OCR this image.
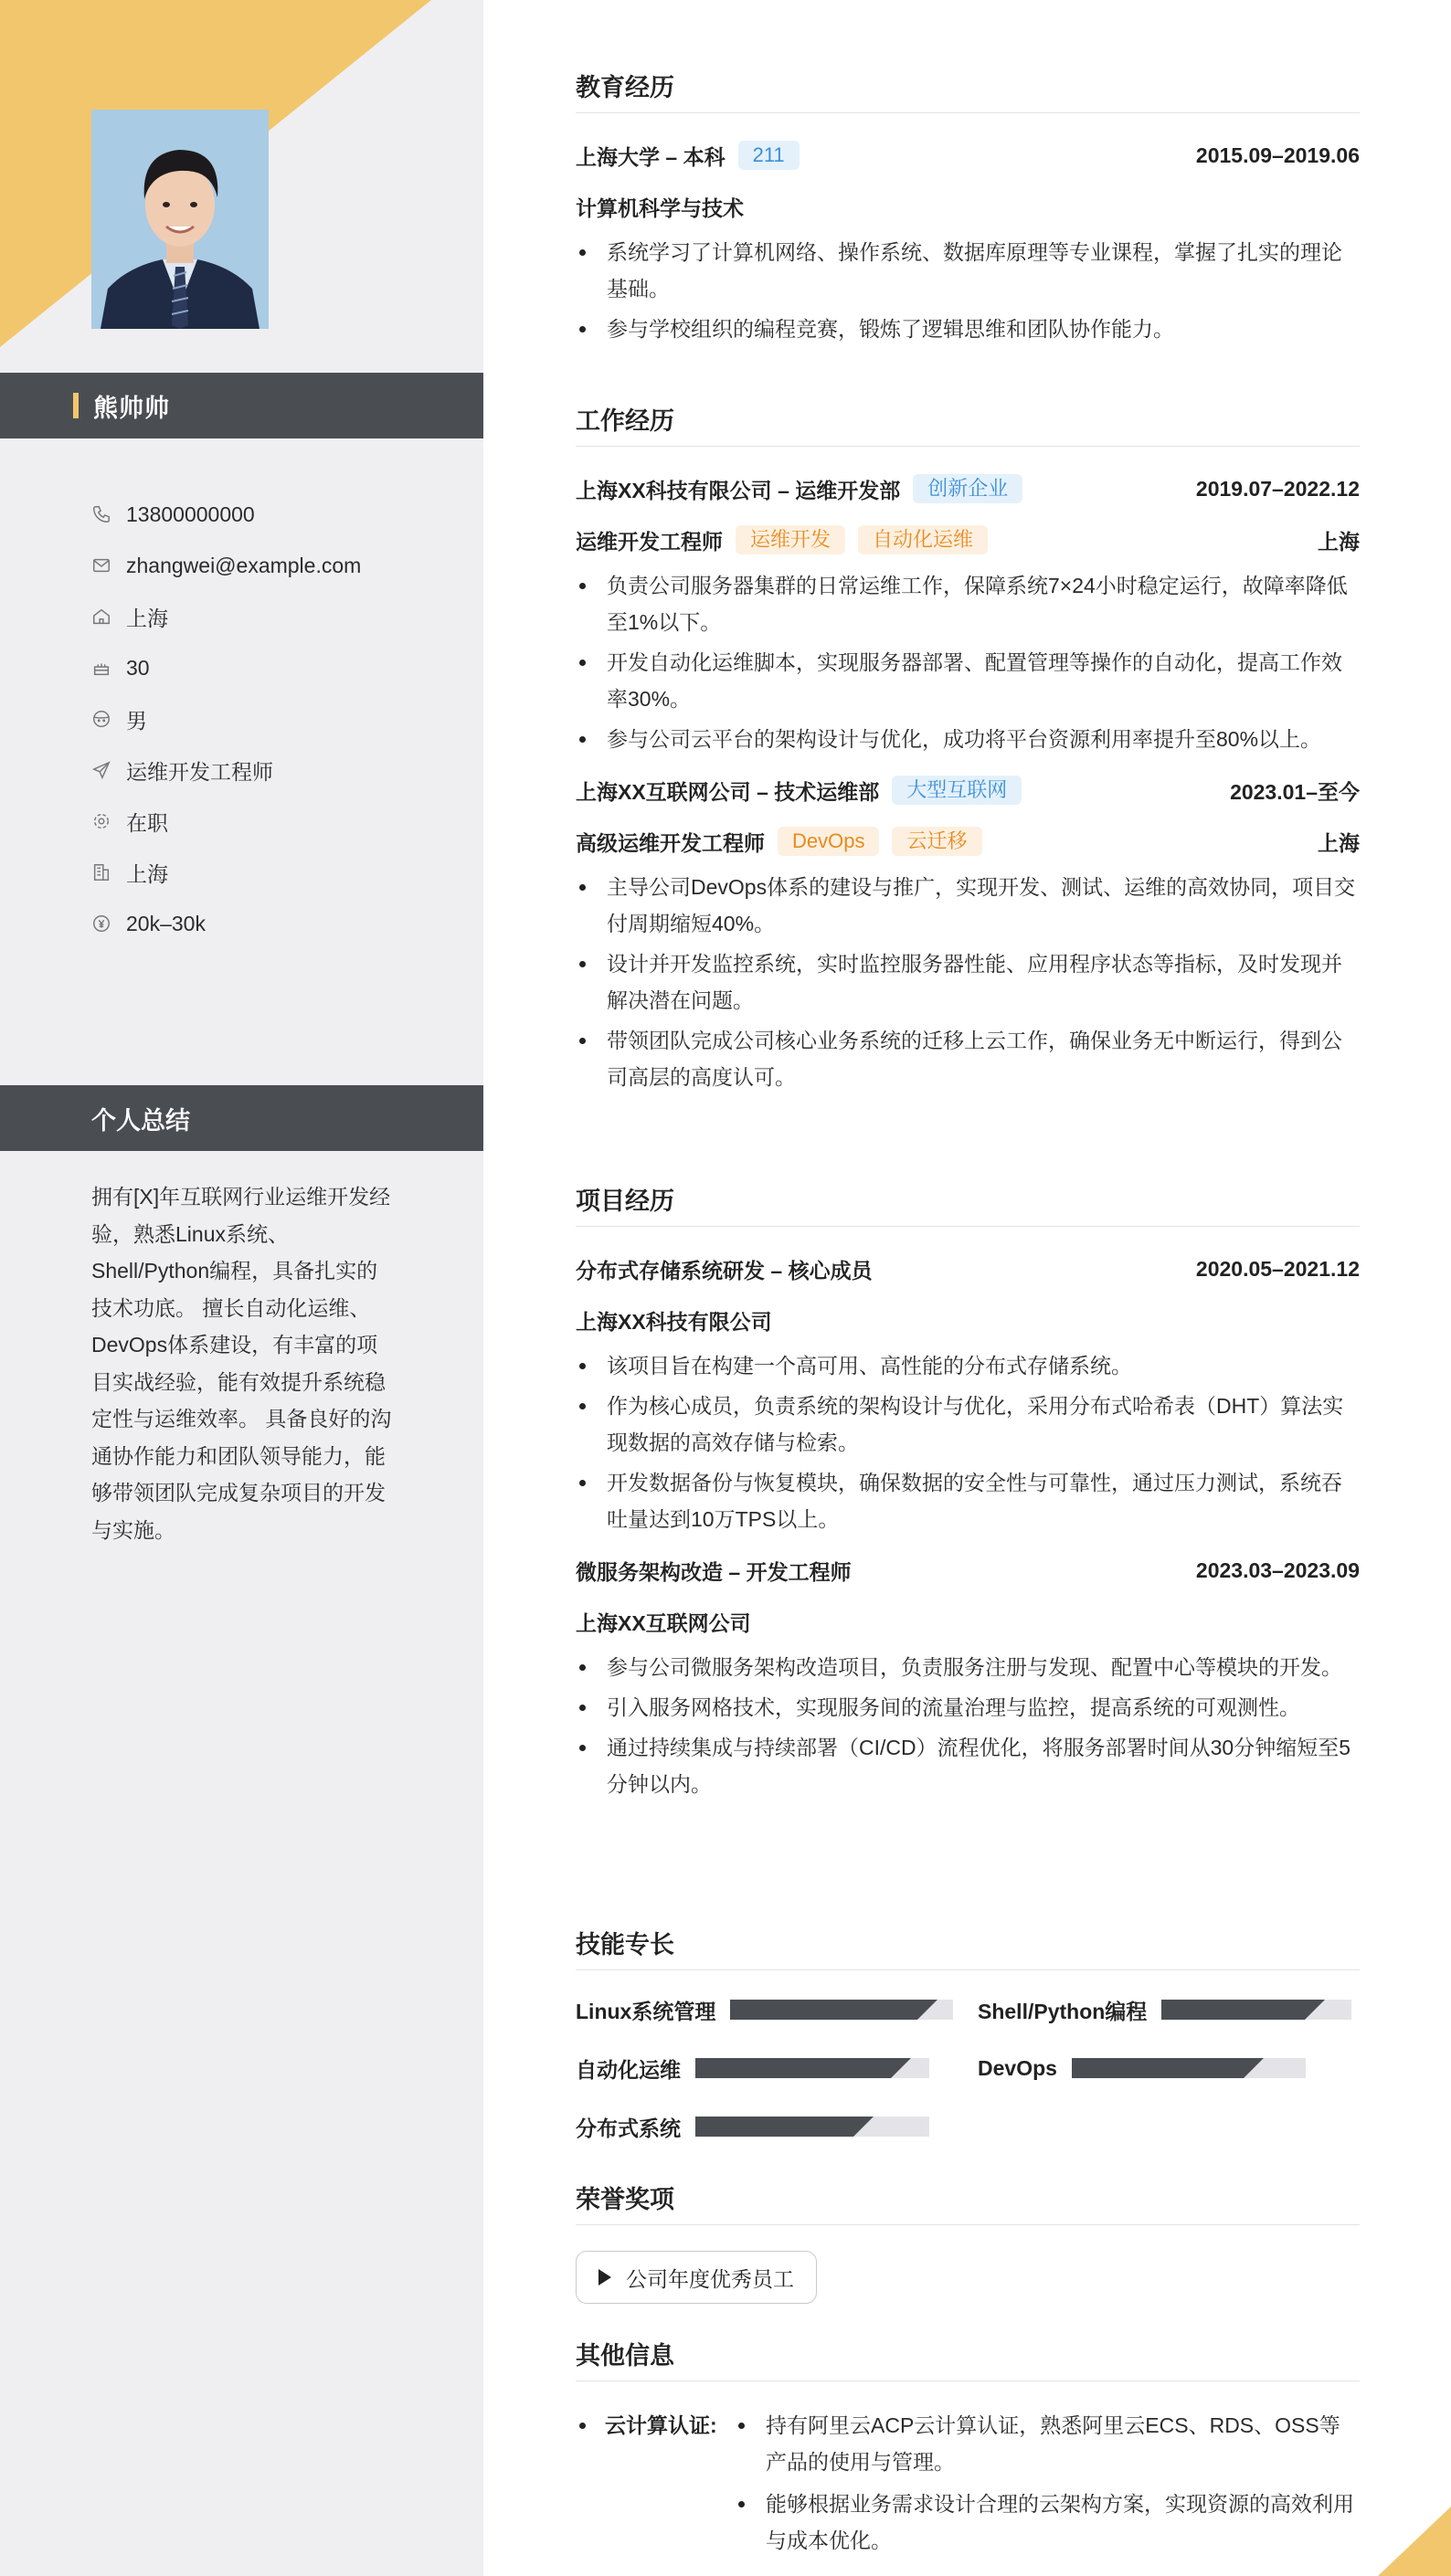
熊帅帅
13800000000
zhangwei@example.com
上海
30
男
运维开发工程师
在职
上海
20k–30k
个人总结

拥有[X]年互联网行业运维开发经验，熟悉Linux系统、Shell/Python编程，具备扎实的技术功底。 擅长自动化运维、DevOps体系建设，有丰富的项目实战经验，能有效提升系统稳定性与运维效率。 具备良好的沟通协作能力和团队领导能力，能够带领团队完成复杂项目的开发与实施。

教育经历
上海大学 – 本科	211	2015.09–2019.06
计算机科学与技术
系统学习了计算机网络、操作系统、数据库原理等专业课程，掌握了扎实的理论基础。
参与学校组织的编程竞赛，锻炼了逻辑思维和团队协作能力。
工作经历
上海XX科技有限公司 – 运维开发部	创新企业	2019.07–2022.12
运维开发工程师	运维开发	自动化运维	上海
负责公司服务器集群的日常运维工作，保障系统7×24小时稳定运行，故障率降低至1%以下。
开发自动化运维脚本，实现服务器部署、配置管理等操作的自动化，提高工作效率30%。
参与公司云平台的架构设计与优化，成功将平台资源利用率提升至80%以上。
上海XX互联网公司 – 技术运维部	大型互联网	2023.01–至今
高级运维开发工程师	DevOps	云迁移	上海
主导公司DevOps体系的建设与推广，实现开发、测试、运维的高效协同，项目交付周期缩短40%。
设计并开发监控系统，实时监控服务器性能、应用程序状态等指标，及时发现并解决潜在问题。
带领团队完成公司核心业务系统的迁移上云工作，确保业务无中断运行，得到公司高层的高度认可。
项目经历
分布式存储系统研发 – 核心成员	2020.05–2021.12
上海XX科技有限公司
该项目旨在构建一个高可用、高性能的分布式存储系统。
作为核心成员，负责系统的架构设计与优化，采用分布式哈希表（DHT）算法实现数据的高效存储与检索。
开发数据备份与恢复模块，确保数据的安全性与可靠性，通过压力测试，系统吞吐量达到10万TPS以上。
微服务架构改造 – 开发工程师	2023.03–2023.09
上海XX互联网公司
参与公司微服务架构改造项目，负责服务注册与发现、配置中心等模块的开发。
引入服务网格技术，实现服务间的流量治理与监控，提高系统的可观测性。
通过持续集成与持续部署（CI/CD）流程优化，将服务部署时间从30分钟缩短至5分钟以内。
技能专长
Linux系统管理	Shell/Python编程
自动化运维	DevOps
分布式系统
荣誉奖项
公司年度优秀员工
其他信息
云计算认证:	持有阿里云ACP云计算认证，熟悉阿里云ECS、RDS、OSS等产品的使用与管理。
能够根据业务需求设计合理的云架构方案，实现资源的高效利用与成本优化。
